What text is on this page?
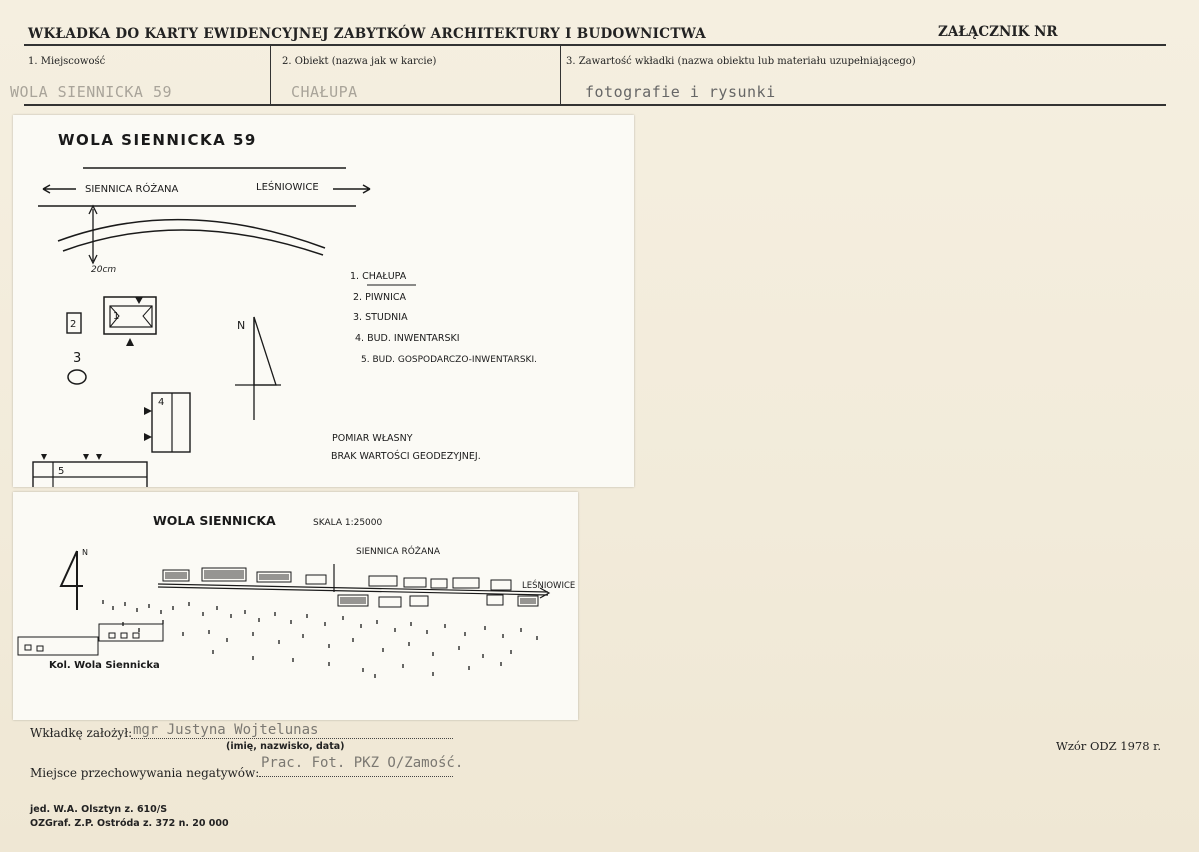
WKŁADKA DO KARTY EWIDENCYJNEJ ZABYTKÓW ARCHITEKTURY I BUDOWNICTWA	ZAŁĄCZNIK NR
1. Miejscowość
WOLA SIENNICKA 59
2. Obiekt (nazwa jak w karcie)
CHAŁUPA
3. Zawartość wkładki (nazwa obiektu lub materiału uzupełniającego)
fotografie i rysunki
WOLA SIENNICKA 59
SIENNICA RÓŻANA	LEŚNIOWICE
20cm
1
2
3
4
5
N
1. CHAŁUPA
2. PIWNICA
3. STUDNIA
4. BUD. INWENTARSKI
5. BUD. GOSPODARCZO-INWENTARSKI.
POMIAR WŁASNY
BRAK WARTOŚCI GEODEZYJNEJ.
WOLA SIENNICKA	SKALA 1:25000
SIENNICA RÓŻANA
LEŚNIOWICE
N
Kol. Wola Siennicka
Wkładkę założył: mgr Justyna Wojtelunas
(imię, nazwisko, data)
Miejsce przechowywania negatywów:
Prac. Fot. PKZ O/Zamość.
Wzór ODZ 1978 r.
jed. W.A. Olsztyn z. 610/S
OZGraf. Z.P. Ostróda z. 372 n. 20 000
